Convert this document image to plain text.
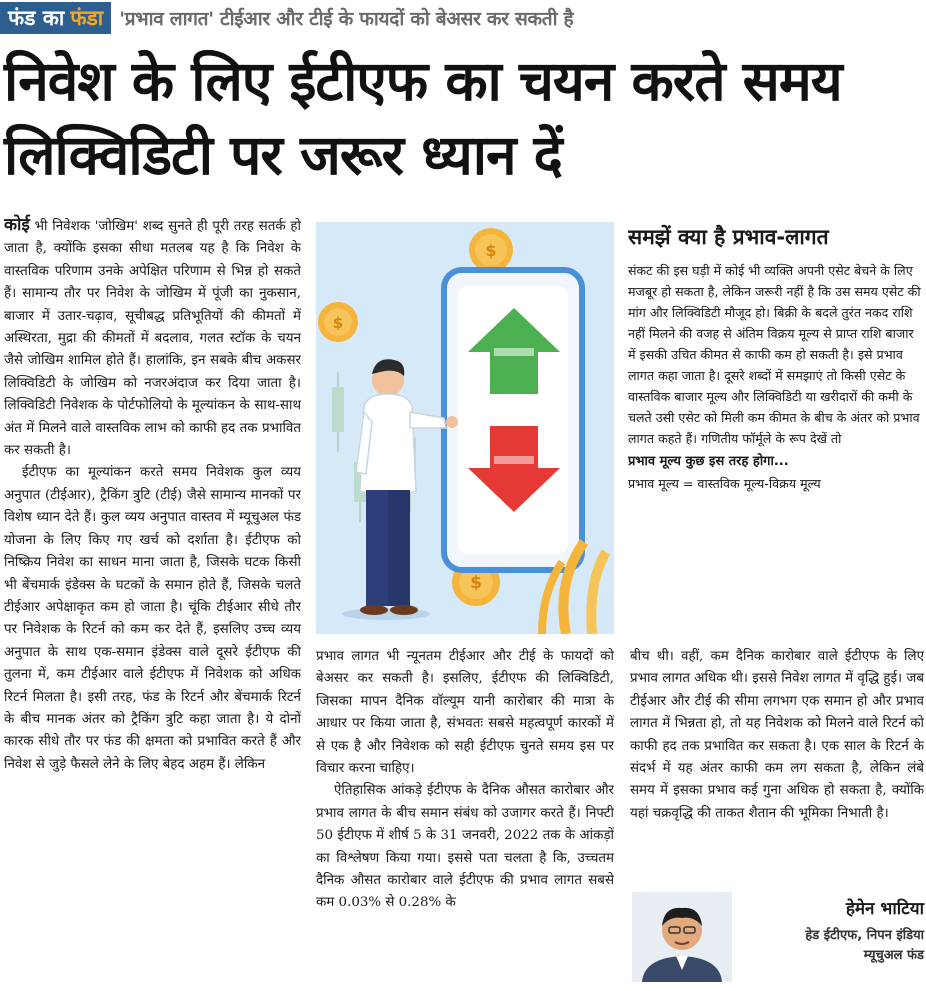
फंड का फंडा 'प्रभाव लागत' टीईआर और टीई के फायदों को बेअसर कर सकती है
निवेश के लिए ईटीएफ का चयन करते समय लिक्विडिटी पर जरूर ध्यान दें

कोई भी निवेशक 'जोखिम' शब्द सुनते ही पूरी तरह सतर्क हो जाता है, क्योंकि इसका सीधा मतलब यह है कि निवेश के वास्तविक परिणाम उनके अपेक्षित परिणाम से भिन्न हो सकते हैं। सामान्य तौर पर निवेश के जोखिम में पूंजी का नुकसान, बाजार में उतार-चढ़ाव, सूचीबद्ध प्रतिभूतियों की कीमतों में अस्थिरता, मुद्रा की कीमतों में बदलाव, गलत स्टॉक के चयन जैसे जोखिम शामिल होते हैं। हालांकि, इन सबके बीच अकसर लिक्विडिटी के जोखिम को नजरअंदाज कर दिया जाता है। लिक्विडिटी निवेशक के पोर्टफोलियो के मूल्यांकन के साथ-साथ अंत में मिलने वाले वास्तविक लाभ को काफी हद तक प्रभावित कर सकती है।

ईटीएफ का मूल्यांकन करते समय निवेशक कुल व्यय अनुपात (टीईआर), ट्रैकिंग त्रुटि (टीई) जैसे सामान्य मानकों पर विशेष ध्यान देते हैं। कुल व्यय अनुपात वास्तव में म्यूचुअल फंड योजना के लिए किए गए खर्च को दर्शाता है। ईटीएफ को निष्क्रिय निवेश का साधन माना जाता है, जिसके घटक किसी भी बेंचमार्क इंडेक्स के घटकों के समान होते हैं, जिसके चलते टीईआर अपेक्षाकृत कम हो जाता है। चूंकि टीईआर सीधे तौर पर निवेशक के रिटर्न को कम कर देते हैं, इसलिए उच्च व्यय अनुपात के साथ एक-समान इंडेक्स वाले दूसरे ईटीएफ की तुलना में, कम टीईआर वाले ईटीएफ में निवेशक को अधिक रिटर्न मिलता है। इसी तरह, फंड के रिटर्न और बेंचमार्क रिटर्न के बीच मानक अंतर को ट्रैकिंग त्रुटि कहा जाता है। ये दोनों कारक सीधे तौर पर फंड की क्षमता को प्रभावित करते हैं और निवेश से जुड़े फैसले लेने के लिए बेहद अहम हैं। लेकिन

$
$
$
समझें क्या है प्रभाव-लागत

संकट की इस घड़ी में कोई भी व्यक्ति अपनी एसेट बेचने के लिए मजबूर हो सकता है, लेकिन जरूरी नहीं है कि उस समय एसेट की मांग और लिक्विडिटी मौजूद हो। बिक्री के बदले तुरंत नकद राशि नहीं मिलने की वजह से अंतिम विक्रय मूल्य से प्राप्त राशि बाजार में इसकी उचित कीमत से काफी कम हो सकती है। इसे प्रभाव लागत कहा जाता है। दूसरे शब्दों में समझाएं तो किसी एसेट के वास्तविक बाजार मूल्य और लिक्विडिटी या खरीदारों की कमी के चलते उसी एसेट को मिली कम कीमत के बीच के अंतर को प्रभाव लागत कहते हैं। गणितीय फॉर्मूले के रूप देखें तो

प्रभाव मूल्य कुछ इस तरह होगा...

प्रभाव मूल्य = वास्तविक मूल्य-विक्रय मूल्य

प्रभाव लागत भी न्यूनतम टीईआर और टीई के फायदों को बेअसर कर सकती है। इसलिए, ईटीएफ की लिक्विडिटी, जिसका मापन दैनिक वॉल्यूम यानी कारोबार की मात्रा के आधार पर किया जाता है, संभवतः सबसे महत्वपूर्ण कारकों में से एक है और निवेशक को सही ईटीएफ चुनते समय इस पर विचार करना चाहिए।

ऐतिहासिक आंकड़े ईटीएफ के दैनिक औसत कारोबार और प्रभाव लागत के बीच समान संबंध को उजागर करते हैं। निफ्टी 50 ईटीएफ में शीर्ष 5 के 31 जनवरी, 2022 तक के आंकड़ों का विश्लेषण किया गया। इससे पता चलता है कि, उच्चतम दैनिक औसत कारोबार वाले ईटीएफ की प्रभाव लागत सबसे कम 0.03% से 0.28% के

बीच थी। वहीं, कम दैनिक कारोबार वाले ईटीएफ के लिए प्रभाव लागत अधिक थी। इससे निवेश लागत में वृद्धि हुई। जब टीईआर और टीई की सीमा लगभग एक समान हो और प्रभाव लागत में भिन्नता हो, तो यह निवेशक को मिलने वाले रिटर्न को काफी हद तक प्रभावित कर सकता है। एक साल के रिटर्न के संदर्भ में यह अंतर काफी कम लग सकता है, लेकिन लंबे समय में इसका प्रभाव कई गुना अधिक हो सकता है, क्योंकि यहां चक्रवृद्धि की ताकत शैतान की भूमिका निभाती है।

हेमेन भाटिया
हेड ईटीएफ, निपन इंडिया
म्यूचुअल फंड
